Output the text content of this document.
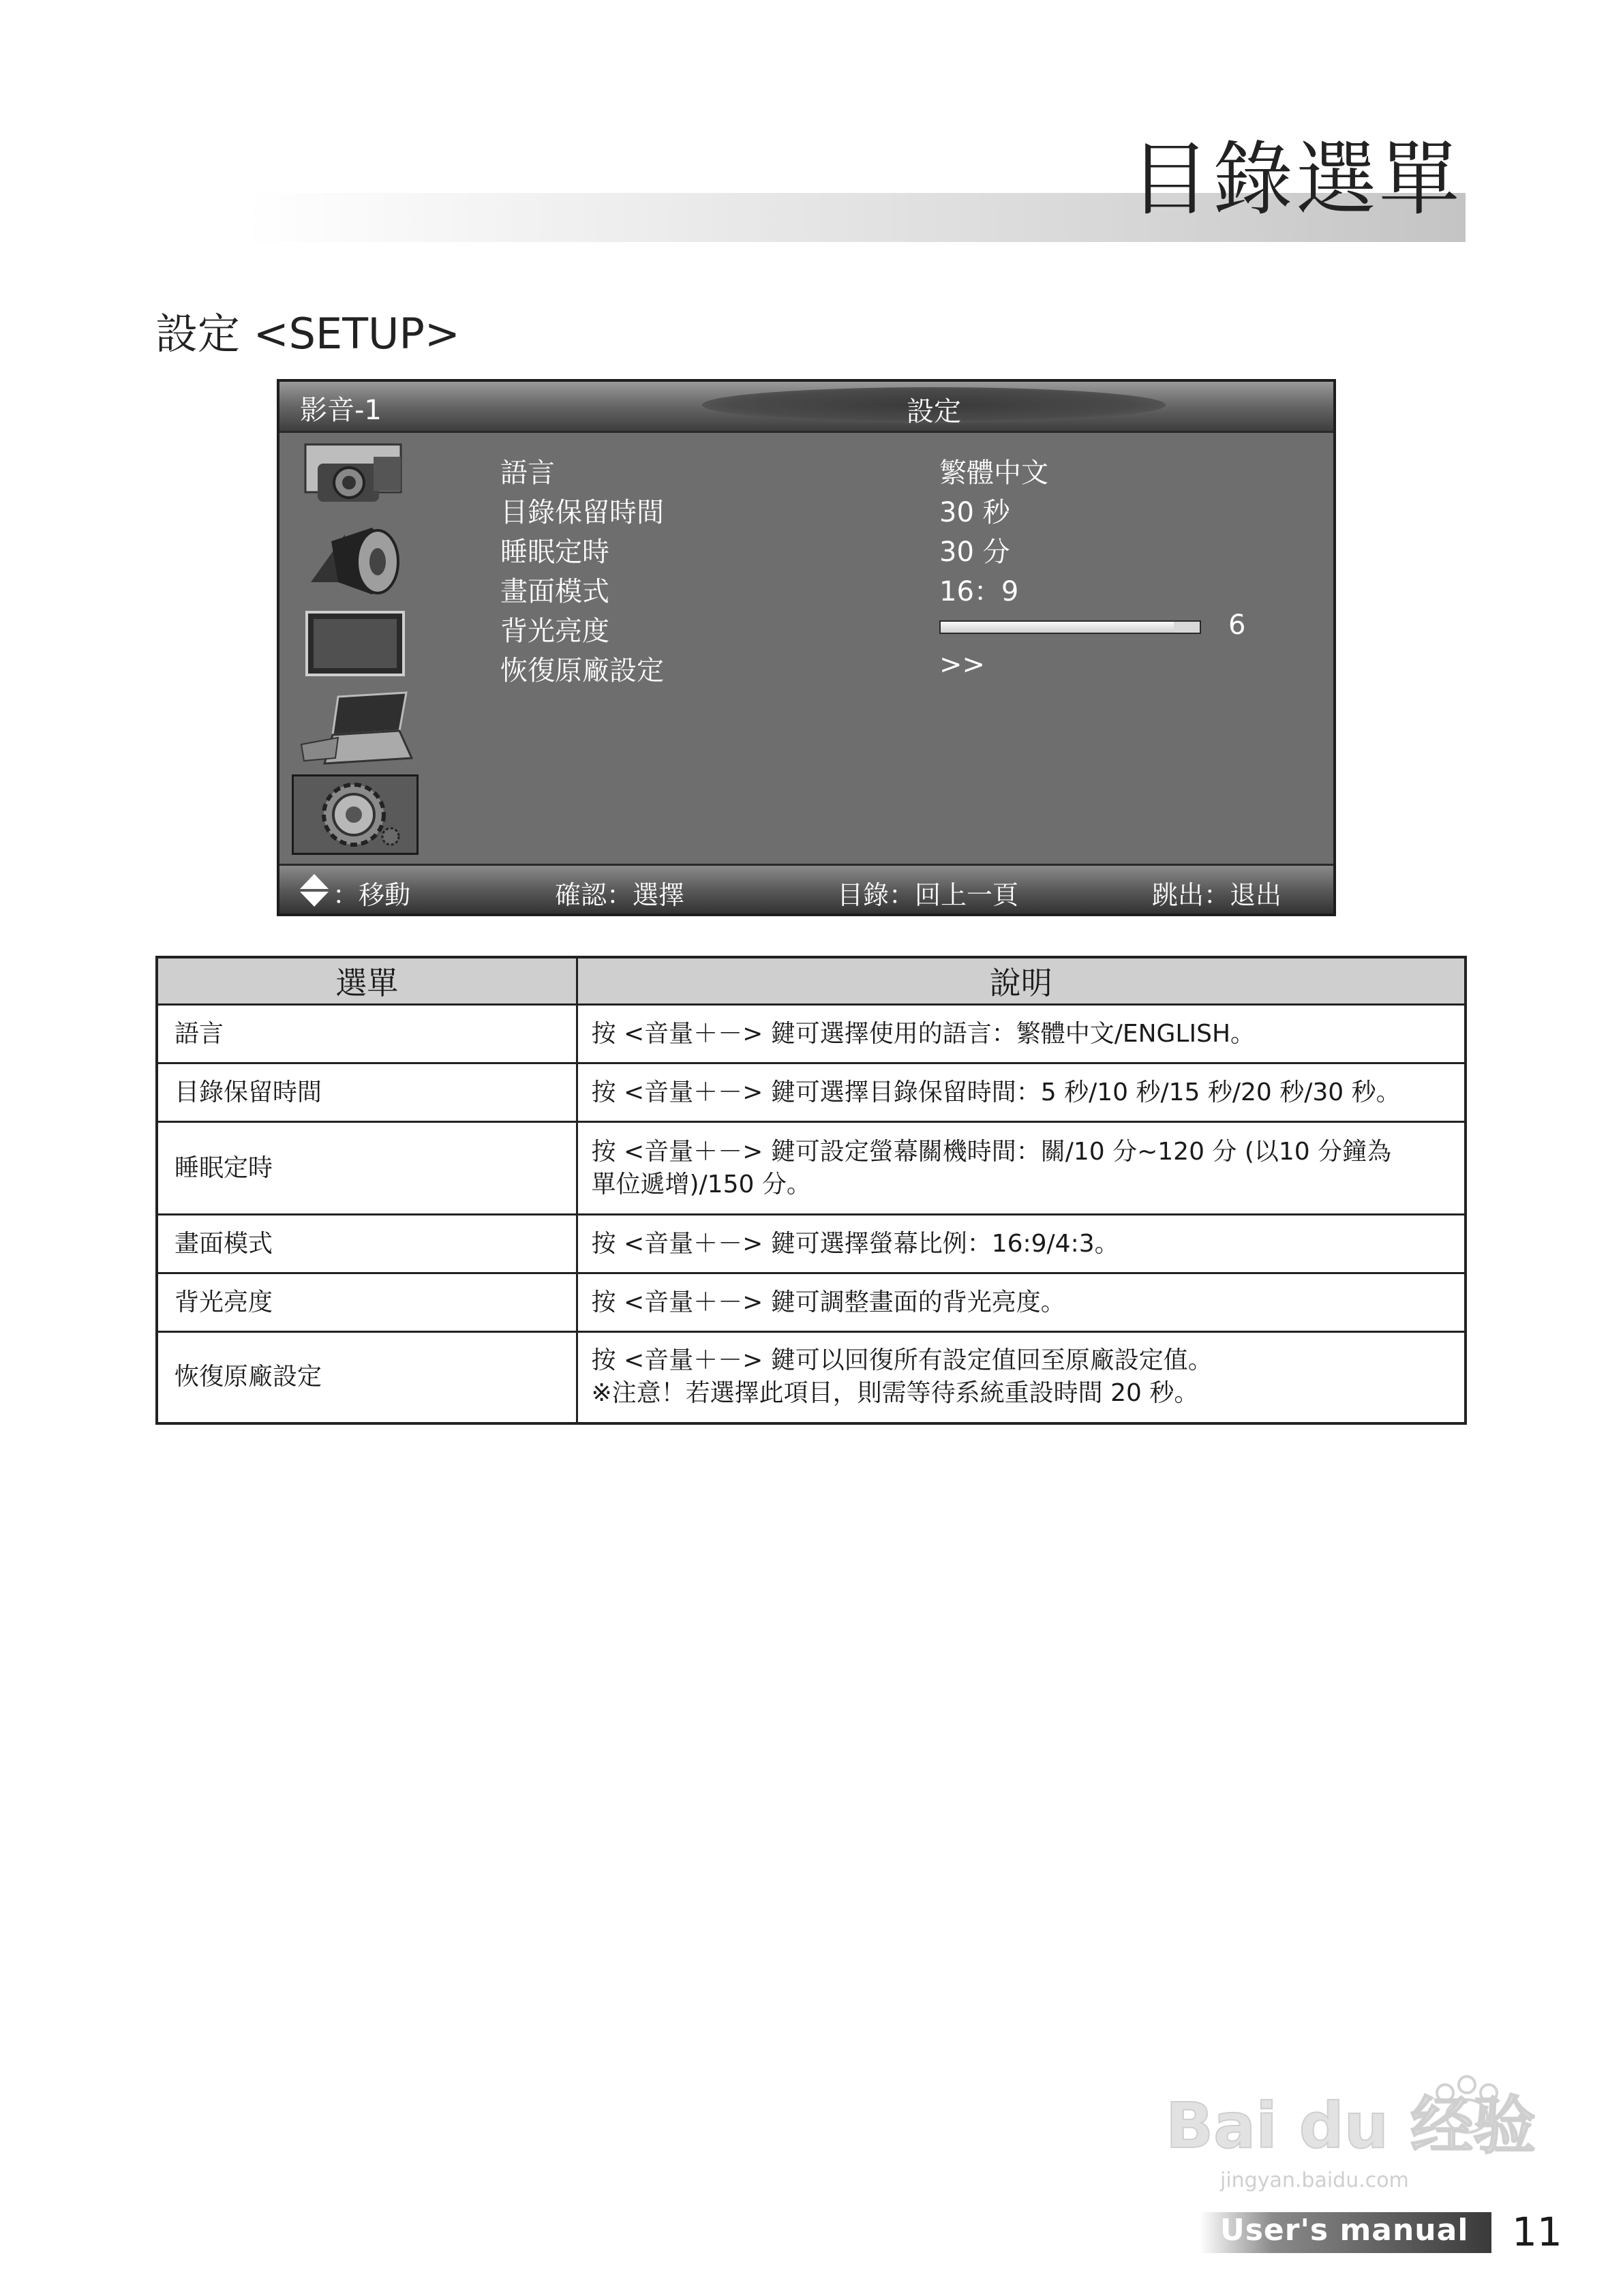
目錄選單
設定 <SETUP>
影音-1	設定
語言	繁體中文
目錄保留時間	30 秒
睡眠定時	30 分
畫面模式	16：9
背光亮度	6
恢復原廠設定	>>
：移動	確認：選擇	目錄：回上一頁	跳出：退出
選單	說明
語言	按 <音量＋－> 鍵可選擇使用的語言：繁體中文/ENGLISH。

目錄保留時間	按 <音量＋－> 鍵可選擇目錄保留時間：5 秒/10 秒/15 秒/20 秒/30 秒。

睡眠定時	按 <音量＋－> 鍵可設定螢幕關機時間：關/10 分~120 分 (以10 分鐘為
單位遞增)/150 分。

畫面模式	按 <音量＋－> 鍵可選擇螢幕比例：16:9/4:3。

背光亮度	按 <音量＋－> 鍵可調整畫面的背光亮度。

恢復原廠設定	按 <音量＋－> 鍵可以回復所有設定值回至原廠設定值。
※注意！若選擇此項目，則需等待系統重設時間 20 秒。
Bai du 经验
jingyan.baidu.com
User's manual 11
